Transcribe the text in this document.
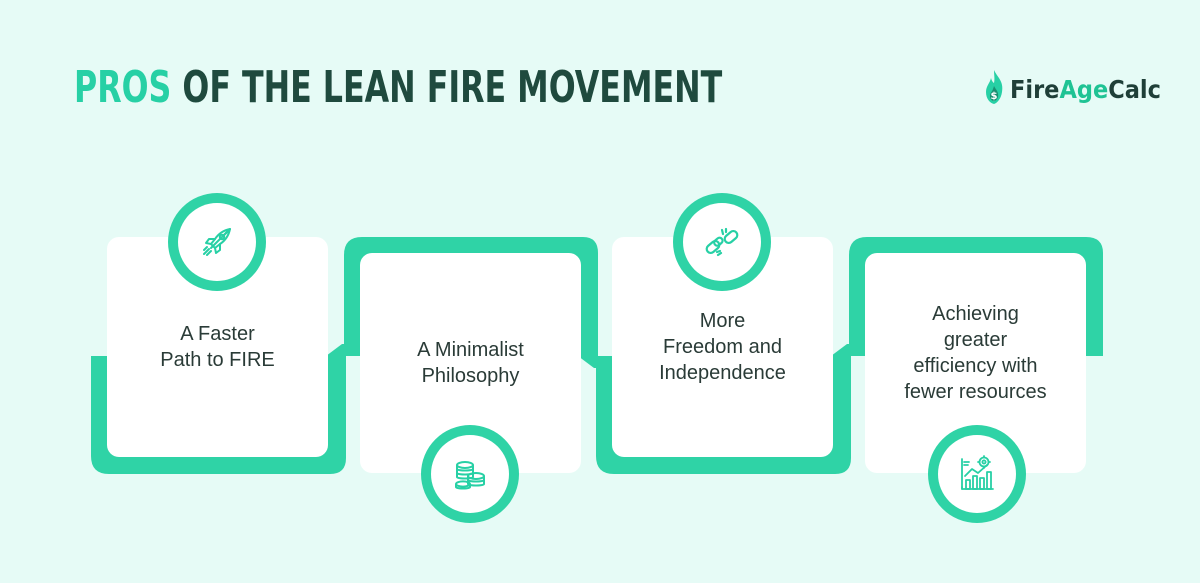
PROS OF THE LEAN FIRE MOVEMENT	$ FireAgeCalc
A Faster
Path to FIRE	A Minimalist
Philosophy
More
Freedom and
Independence
Achieving
greater
efficiency with
fewer resources
